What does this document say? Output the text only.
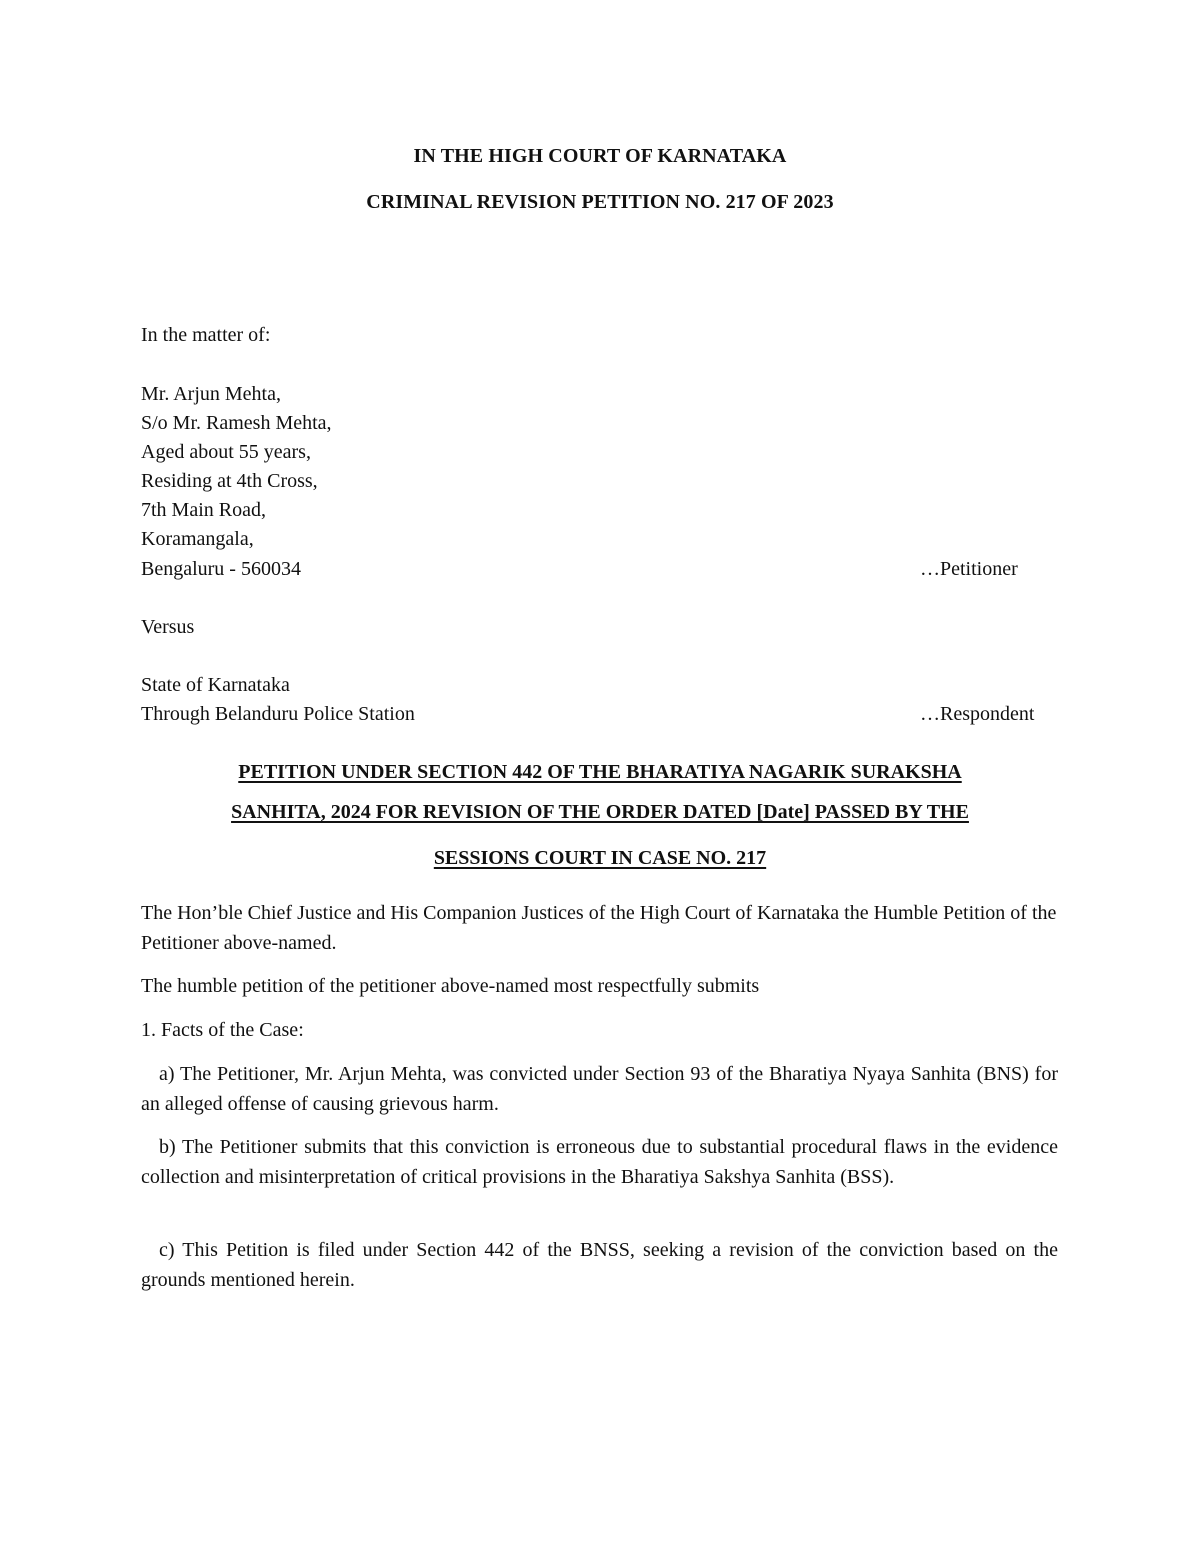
IN THE HIGH COURT OF KARNATAKA
CRIMINAL REVISION PETITION NO. 217 OF 2023
In the matter of:
Mr. Arjun Mehta,
S/o Mr. Ramesh Mehta,
Aged about 55 years,
Residing at 4th Cross,
7th Main Road,
Koramangala,
Bengaluru - 560034	…Petitioner
Versus
State of Karnataka
Through Belanduru Police Station	…Respondent
PETITION UNDER SECTION 442 OF THE BHARATIYA NAGARIK SURAKSHA
SANHITA, 2024 FOR REVISION OF THE ORDER DATED [Date] PASSED BY THE
SESSIONS COURT IN CASE NO. 217
The Hon’ble Chief Justice and His Companion Justices of the High Court of Karnataka the Humble Petition of the Petitioner above-named.
The humble petition of the petitioner above-named most respectfully submits
1. Facts of the Case:
a) The Petitioner, Mr. Arjun Mehta, was convicted under Section 93 of the Bharatiya Nyaya Sanhita (BNS) for an alleged offense of causing grievous harm.
b) The Petitioner submits that this conviction is erroneous due to substantial procedural flaws in the evidence collection and misinterpretation of critical provisions in the Bharatiya Sakshya Sanhita (BSS).
c) This Petition is filed under Section 442 of the BNSS, seeking a revision of the conviction based on the grounds mentioned herein.
